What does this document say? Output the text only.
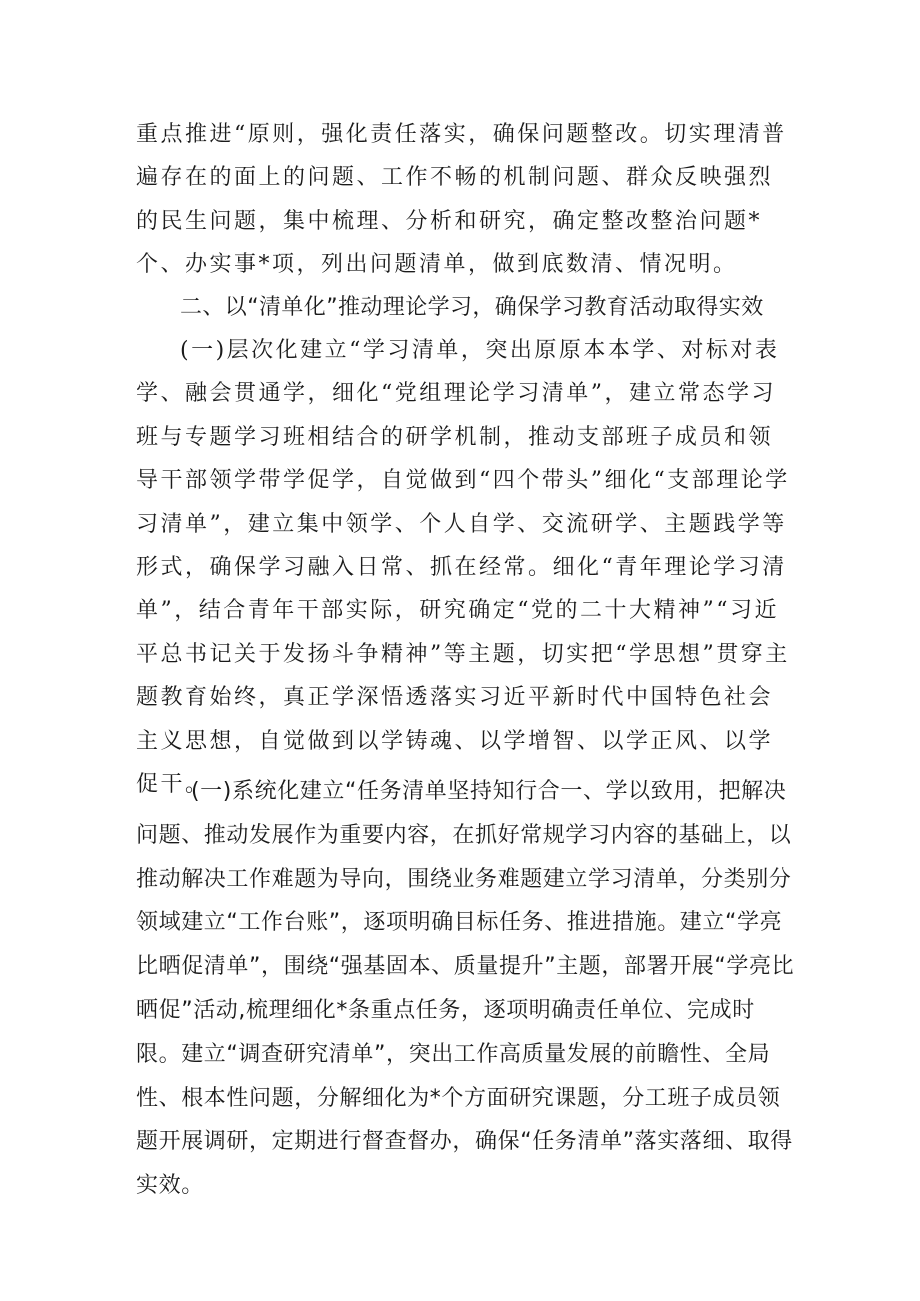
重点推进“原则，强化责任落实，确保问题整改。切实理清普遍存在的面上的问题、工作不畅的机制问题、群众反映强烈的民生问题，集中梳理、分析和研究，确定整改整治问题*个、办实事*项，列出问题清单，做到底数清、情况明。

二、以“清单化”推动理论学习，确保学习教育活动取得实效

(一)层次化建立“学习清单，突出原原本本学、对标对表学、融会贯通学，细化“党组理论学习清单”，建立常态学习班与专题学习班相结合的研学机制，推动支部班子成员和领导干部领学带学促学，自觉做到“四个带头”细化“支部理论学习清单”，建立集中领学、个人自学、交流研学、主题践学等形式，确保学习融入日常、抓在经常。细化“青年理论学习清单”，结合青年干部实际，研究确定“党的二十大精神”“习近平总书记关于发扬斗争精神”等主题，切实把“学思想”贯穿主题教育始终，真正学深悟透落实习近平新时代中国特色社会主义思想，自觉做到以学铸魂、以学增智、以学正风、以学促干。

(一)系统化建立“任务清单坚持知行合一、学以致用，把解决问题、推动发展作为重要内容，在抓好常规学习内容的基础上，以推动解决工作难题为导向，围绕业务难题建立学习清单，分类别分领域建立“工作台账”，逐项明确目标任务、推进措施。建立“学亮比晒促清单”，围绕“强基固本、质量提升”主题，部署开展“学亮比晒促”活动,梳理细化*条重点任务，逐项明确责任单位、完成时限。建立“调查研究清单”，突出工作高质量发展的前瞻性、全局性、根本性问题，分解细化为*个方面研究课题，分工班子成员领题开展调研，定期进行督查督办，确保“任务清单”落实落细、取得实效。
